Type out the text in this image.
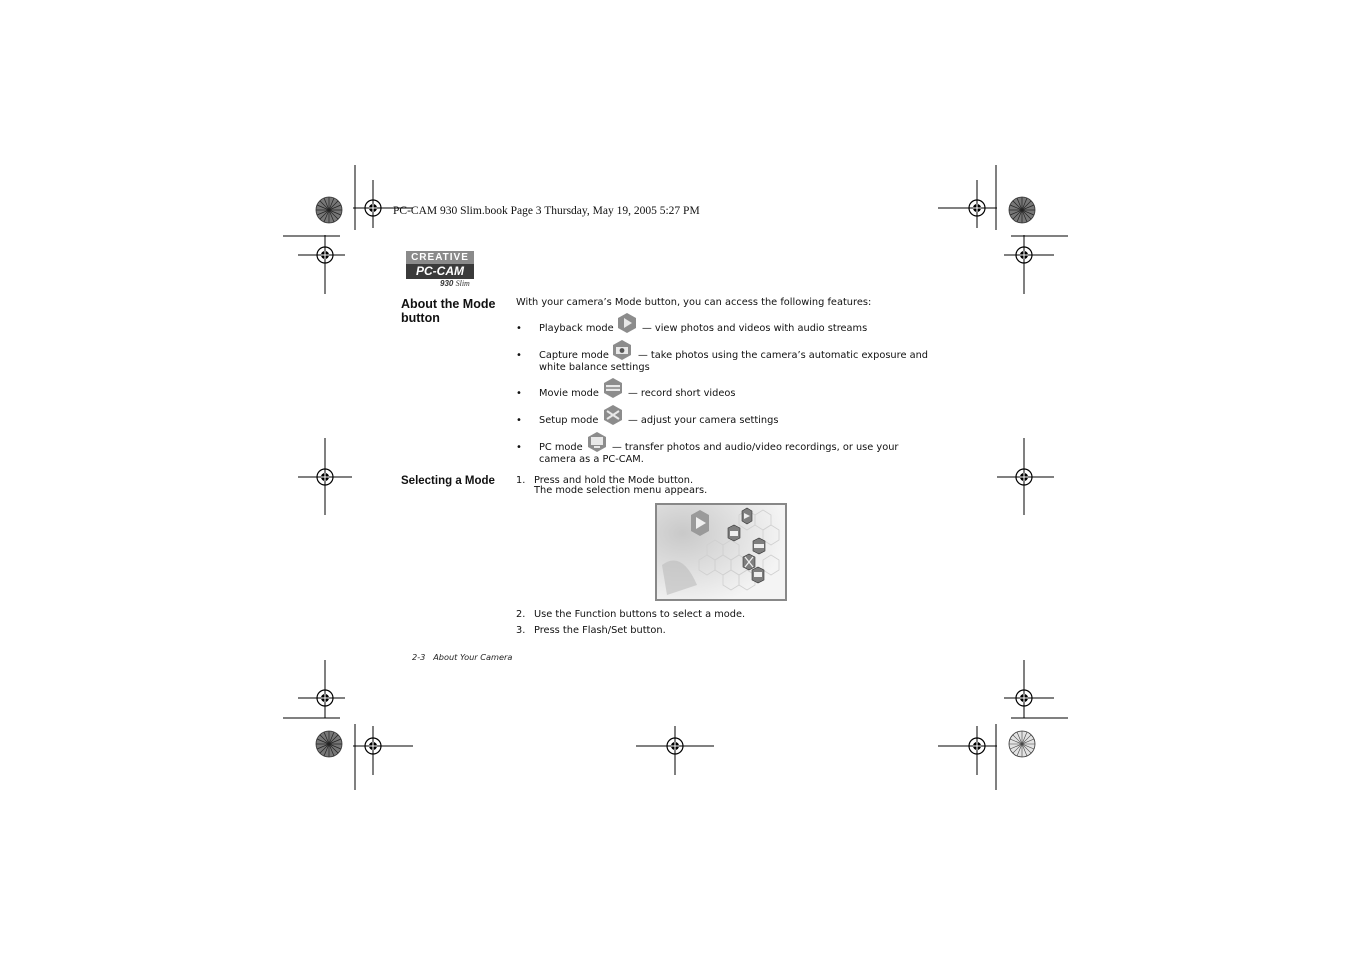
PC-CAM 930 Slim.book Page 3 Thursday, May 19, 2005 5:27 PM
CREATIVE
PC-CAM
930 Slim
About the Mode button
With your camera’s Mode button, you can access the following features:
• Playback mode	— view photos and videos with audio streams
• Capture mode	— take photos using the camera’s automatic exposure and
white balance settings
• Movie mode	— record short videos
• Setup mode	— adjust your camera settings
• PC mode	— transfer photos and audio/video recordings, or use your
camera as a PC-CAM.
Selecting a Mode 1. Press and hold the Mode button.
The mode selection menu appears.
2. Use the Function buttons to select a mode.
3. Press the Flash/Set button.
2-3 About Your Camera
